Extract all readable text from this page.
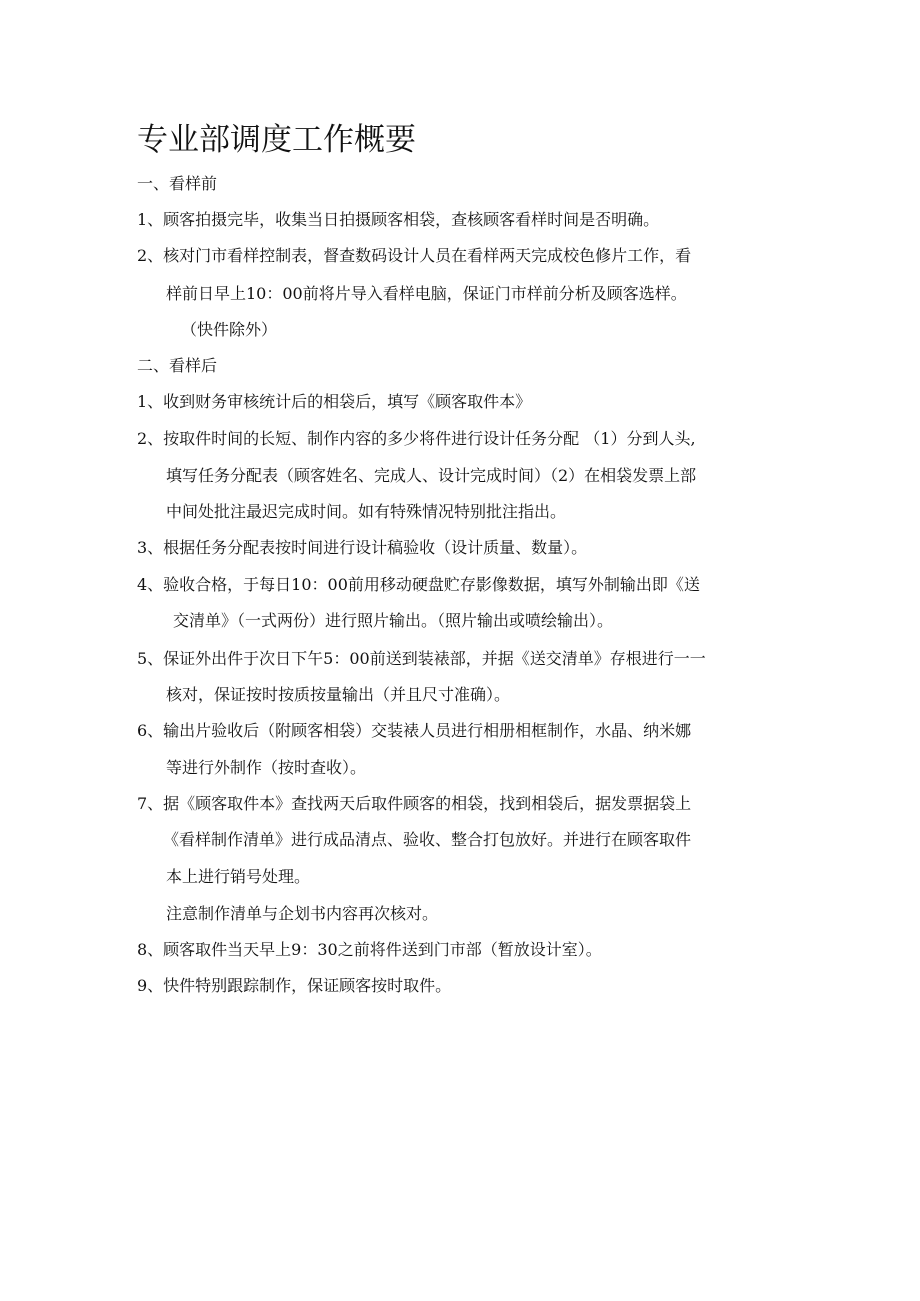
专业部调度工作概要
一、看样前
1、顾客拍摄完毕，收集当日拍摄顾客相袋，查核顾客看样时间是否明确。
2、核对门市看样控制表，督查数码设计人员在看样两天完成校色修片工作，看
样前日早上10：00前将片导入看样电脑，保证门市样前分析及顾客选样。
（快件除外）
二、看样后
1、收到财务审核统计后的相袋后，填写《顾客取件本》
2、按取件时间的长短、制作内容的多少将件进行设计任务分配 （1）分到人头,
填写任务分配表（顾客姓名、完成人、设计完成时间）（2）在相袋发票上部
中间处批注最迟完成时间。如有特殊情况特别批注指出。
3、根据任务分配表按时间进行设计稿验收（设计质量、数量）。
4、验收合格，于每日10：00前用移动硬盘贮存影像数据，填写外制输出即《送
交清单》（一式两份）进行照片输出。（照片输出或喷绘输出）。
5、保证外出件于次日下午5：00前送到装裱部，并据《送交清单》存根进行一一
核对，保证按时按质按量输出（并且尺寸准确）。
6、输出片验收后（附顾客相袋）交装裱人员进行相册相框制作，水晶、纳米娜
等进行外制作（按时查收）。
7、据《顾客取件本》查找两天后取件顾客的相袋，找到相袋后，据发票据袋上
《看样制作清单》进行成品清点、验收、整合打包放好。并进行在顾客取件
本上进行销号处理。
注意制作清单与企划书内容再次核对。
8、顾客取件当天早上9：30之前将件送到门市部（暂放设计室）。
9、快件特别跟踪制作，保证顾客按时取件。
